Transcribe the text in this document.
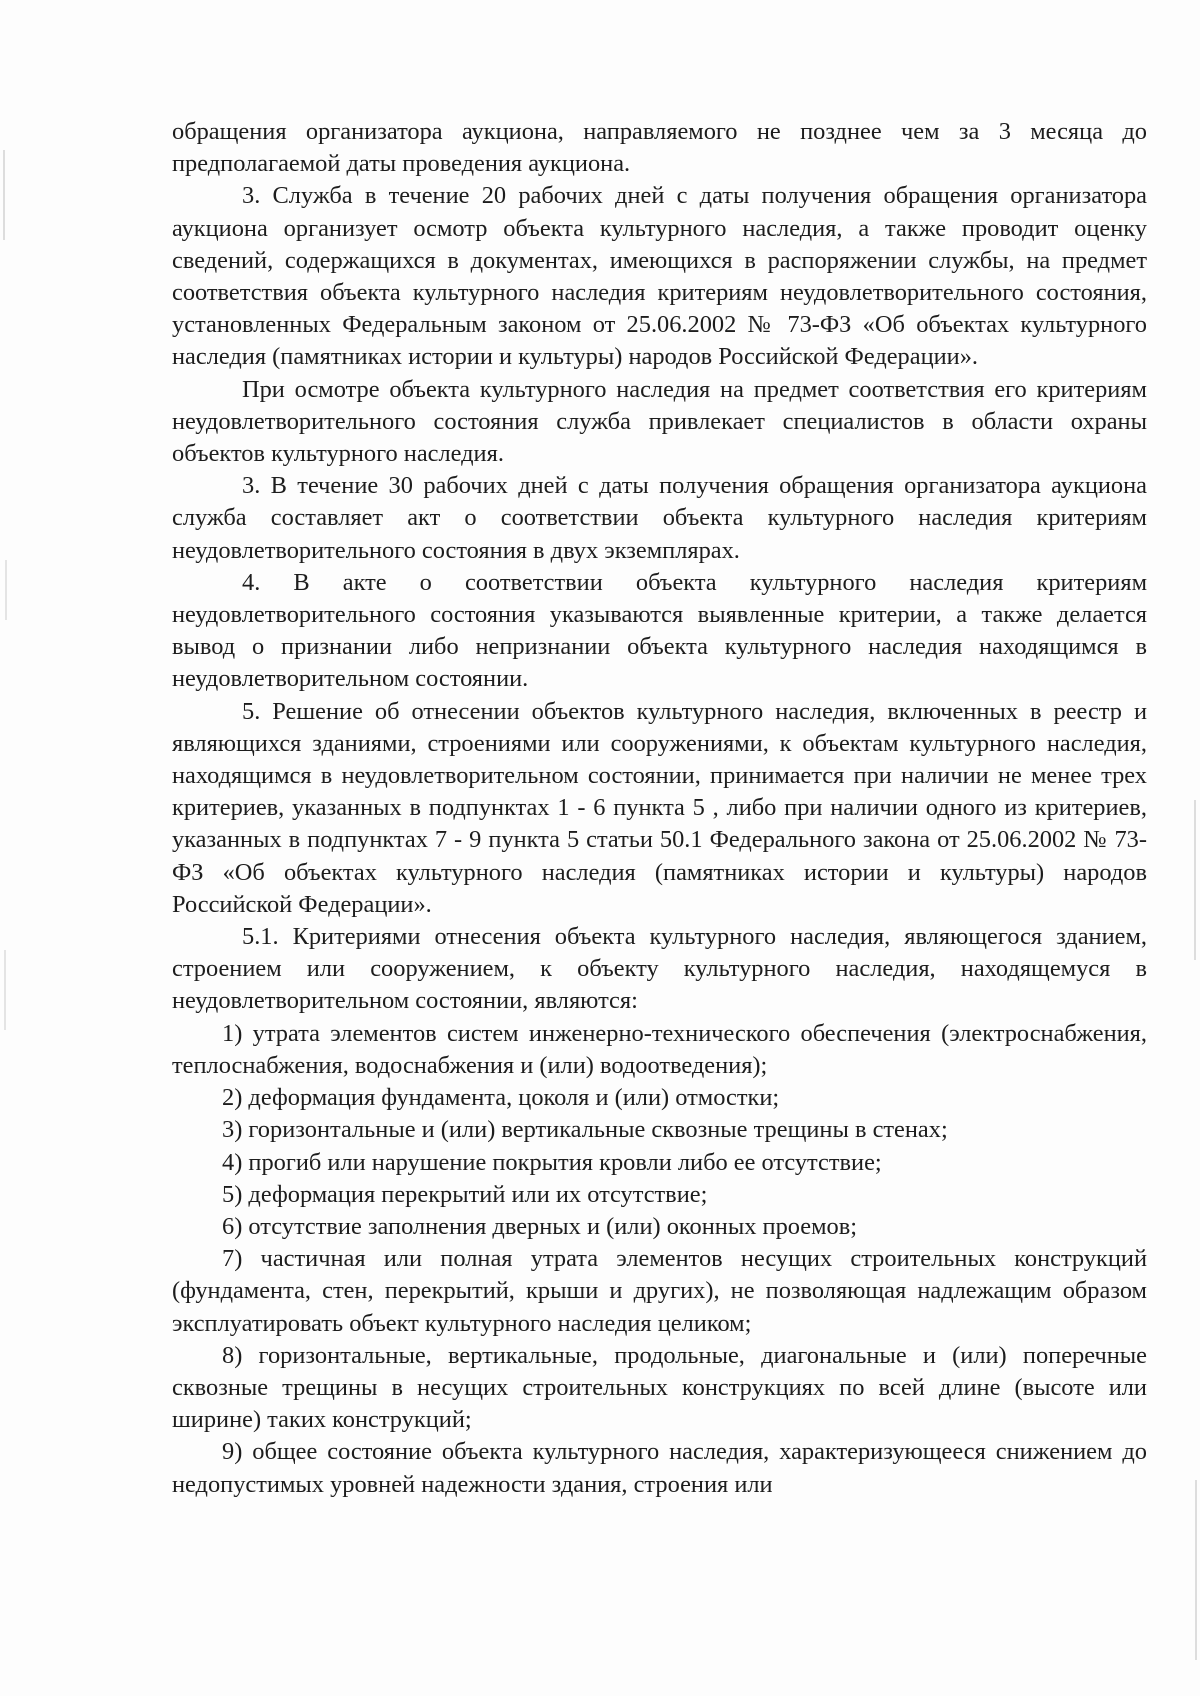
обращения организатора аукциона, направляемого не позднее чем за 3 месяца до предполагаемой даты проведения аукциона.

3. Служба в течение 20 рабочих дней с даты получения обращения организатора аукциона организует осмотр объекта культурного наследия, а также проводит оценку сведений, содержащихся в документах, имеющихся в распоряжении службы, на предмет соответствия объекта культурного наследия критериям неудовлетворительного состояния, установленных Федеральным законом от 25.06.2002 № 73-ФЗ «Об объектах культурного наследия (памятниках истории и культуры) народов Российской Федерации».

При осмотре объекта культурного наследия на предмет соответствия его критериям неудовлетворительного состояния служба привлекает специалистов в области охраны объектов культурного наследия.

3. В течение 30 рабочих дней с даты получения обращения организатора аукциона служба составляет акт о соответствии объекта культурного наследия критериям неудовлетворительного состояния в двух экземплярах.

4. В акте о соответствии объекта культурного наследия критериям неудовлетворительного состояния указываются выявленные критерии, а также делается вывод о признании либо непризнании объекта культурного наследия находящимся в неудовлетворительном состоянии.

5. Решение об отнесении объектов культурного наследия, включенных в реестр и являющихся зданиями, строениями или сооружениями, к объектам культурного наследия, находящимся в неудовлетворительном состоянии, принимается при наличии не менее трех критериев, указанных в подпунктах 1 - 6 пункта 5 , либо при наличии одного из критериев, указанных в подпунктах 7 - 9 пункта 5 статьи 50.1 Федерального закона от 25.06.2002 № 73-ФЗ «Об объектах культурного наследия (памятниках истории и культуры) народов Российской Федерации».

5.1. Критериями отнесения объекта культурного наследия, являющегося зданием, строением или сооружением, к объекту культурного наследия, находящемуся в неудовлетворительном состоянии, являются:

1) утрата элементов систем инженерно-технического обеспечения (электроснабжения, теплоснабжения, водоснабжения и (или) водоотведения);

2) деформация фундамента, цоколя и (или) отмостки;

3) горизонтальные и (или) вертикальные сквозные трещины в стенах;

4) прогиб или нарушение покрытия кровли либо ее отсутствие;

5) деформация перекрытий или их отсутствие;

6) отсутствие заполнения дверных и (или) оконных проемов;

7) частичная или полная утрата элементов несущих строительных конструкций (фундамента, стен, перекрытий, крыши и других), не позволяющая надлежащим образом эксплуатировать объект культурного наследия целиком;

8) горизонтальные, вертикальные, продольные, диагональные и (или) поперечные сквозные трещины в несущих строительных конструкциях по всей длине (высоте или ширине) таких конструкций;

9) общее состояние объекта культурного наследия, характеризующееся снижением до недопустимых уровней надежности здания, строения или
